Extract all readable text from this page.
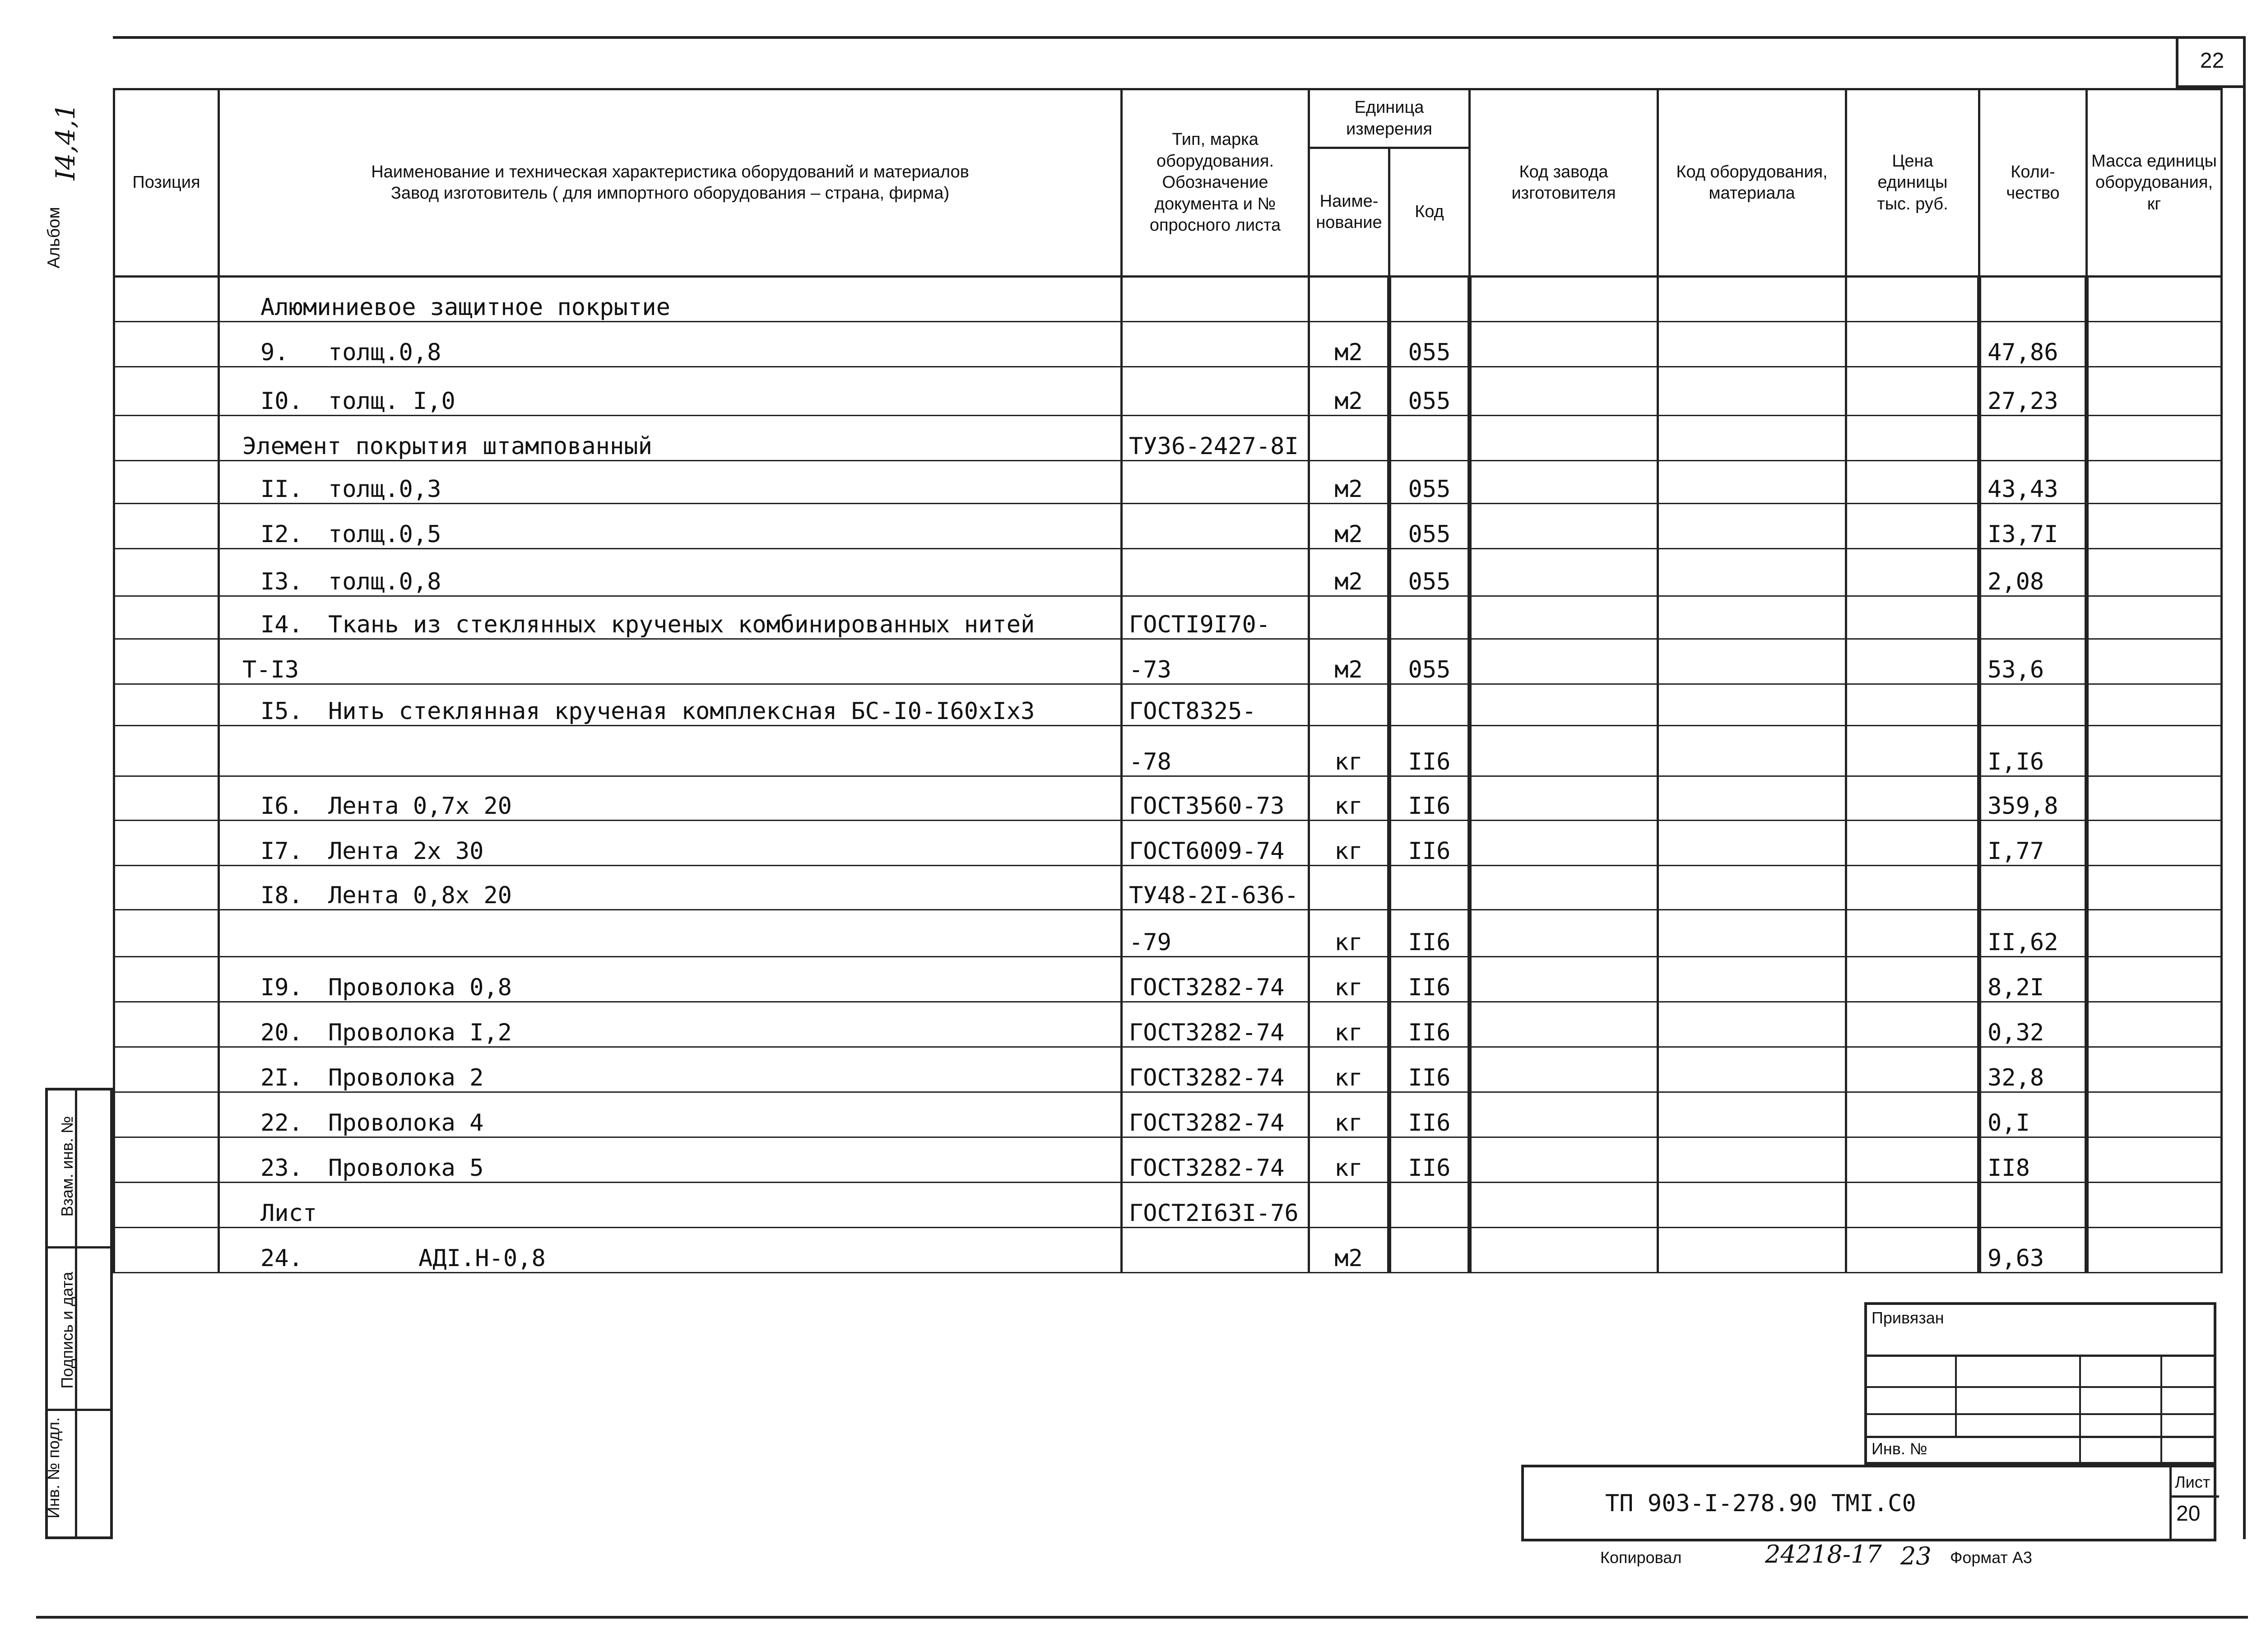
22
Альбом
I4,4,1
Позиция	Наименование и техническая характеристика оборудований и материалов
Завод изготовитель ( для импортного оборудования – страна, фирма)	Тип, марка оборудования. Обозначение документа и № опросного листа	Единица измерения		Код завода изготовителя	Код оборудования, материала	Цена единицы тыс. руб.	Коли-чество	Масса единицы оборудования, кг
			Наиме-нование	Код					
	Алюминиевое защитное покрытие								
	9. толщ.0,8		м2	055				47,86	
	I0. толщ. I,0		м2	055				27,23	
	Элемент покрытия штампованный	ТУ36-2427-8I							
	II. толщ.0,3		м2	055				43,43	
	I2. толщ.0,5		м2	055				I3,7I	
	I3. толщ.0,8		м2	055				2,08	
	I4. Ткань из стеклянных крученых комбинированных нитей	ГОСТI9I70-							
	Т-I3	-73	м2	055				53,6	
	I5. Нить стеклянная крученая комплексная БС-I0-I60хIх3	ГОСТ8325-							
		-78	кг	II6				I,I6	
	I6. Лента 0,7х 20	ГОСТ3560-73	кг	II6				359,8	
	I7. Лента 2х 30	ГОСТ6009-74	кг	II6				I,77	
	I8. Лента 0,8х 20	ТУ48-2I-636-							
		-79	кг	II6				II,62	
	I9. Проволока 0,8	ГОСТ3282-74	кг	II6				8,2I	
	20. Проволока I,2	ГОСТ3282-74	кг	II6				0,32	
	2I. Проволока 2	ГОСТ3282-74	кг	II6				32,8	
	22. Проволока 4	ГОСТ3282-74	кг	II6				0,I	
	23. Проволока 5	ГОСТ3282-74	кг	II6				II8	
	Лист	ГОСТ2I63I-76							
	24. АДI.Н-0,8		м2					9,63	
Взам. инв. №
Подпись и дата
Инв. № подл.
Привязан
Инв. №
ТП 903-I-278.90 ТМI.С0
Лист
20
Копировал	24218-17 23 Формат А3
